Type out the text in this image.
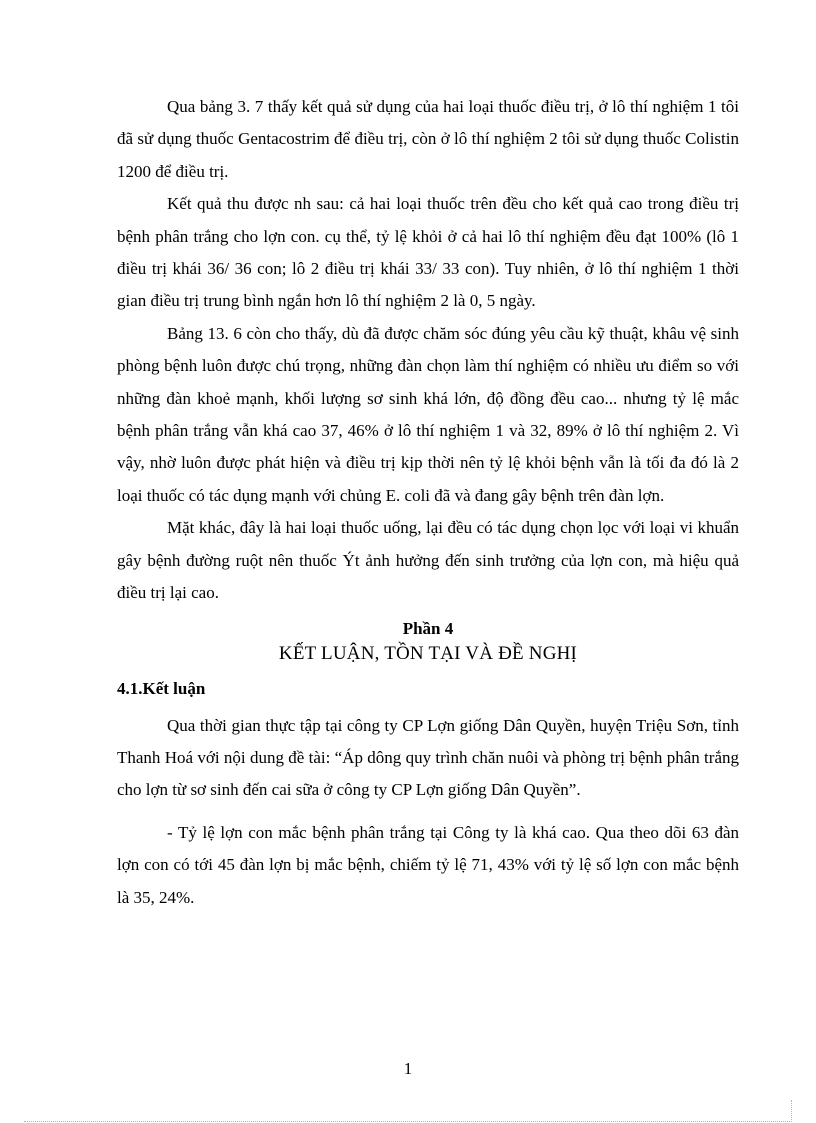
Qua bảng 3. 7 thấy kết quả sử dụng của hai loại thuốc điều trị, ở lô thí nghiệm 1 tôi đã sử dụng thuốc Gentacostrim để điều trị, còn ở lô thí nghiệm 2 tôi sử dụng thuốc Colistin 1200 để điều trị.

Kết quả thu được nh sau: cả hai loại thuốc trên đều cho kết quả cao trong điều trị bệnh phân trắng cho lợn con. cụ thể, tỷ lệ khỏi ở cả hai lô thí nghiệm đều đạt 100% (lô 1 điều trị khái 36/ 36 con; lô 2 điều trị khái 33/ 33 con). Tuy nhiên, ở lô thí nghiệm 1 thời gian điều trị trung bình ngắn hơn lô thí nghiệm 2 là 0, 5 ngày.

Bảng 13. 6 còn cho thấy, dù đã được chăm sóc đúng yêu cầu kỹ thuật, khâu vệ sinh phòng bệnh luôn được chú trọng, những đàn chọn làm thí nghiệm có nhiều ưu điểm so với những đàn khoẻ mạnh, khối lượng sơ sinh khá lớn, độ đồng đều cao... nhưng tỷ lệ mắc bệnh phân trắng vẫn khá cao 37, 46% ở lô thí nghiệm 1 và 32, 89% ở lô thí nghiệm 2. Vì vậy, nhờ luôn được phát hiện và điều trị kịp thời nên tỷ lệ khỏi bệnh vẫn là tối đa đó là 2 loại thuốc có tác dụng mạnh với chủng E. coli đã và đang gây bệnh trên đàn lợn.

Mặt khác, đây là hai loại thuốc uống, lại đều có tác dụng chọn lọc với loại vi khuẩn gây bệnh đường ruột nên thuốc Ýt ảnh hưởng đến sinh trưởng của lợn con, mà hiệu quả điều trị lại cao.

Phần 4

KẾT LUẬN, TỒN TẠI VÀ ĐỀ NGHỊ

4.1.Kết luận

Qua thời gian thực tập tại công ty CP Lợn giống Dân Quyền, huyện Triệu Sơn, tỉnh Thanh Hoá với nội dung đề tài: “Áp dông quy trình chăn nuôi và phòng trị bệnh phân trắng cho lợn từ sơ sinh đến cai sữa ở công ty CP Lợn giống Dân Quyền”.

- Tỷ lệ lợn con mắc bệnh phân trắng tại Công ty là khá cao. Qua theo dõi 63 đàn lợn con có tới 45 đàn lợn bị mắc bệnh, chiếm tỷ lệ 71, 43% với tỷ lệ số lợn con mắc bệnh là 35, 24%.

1
